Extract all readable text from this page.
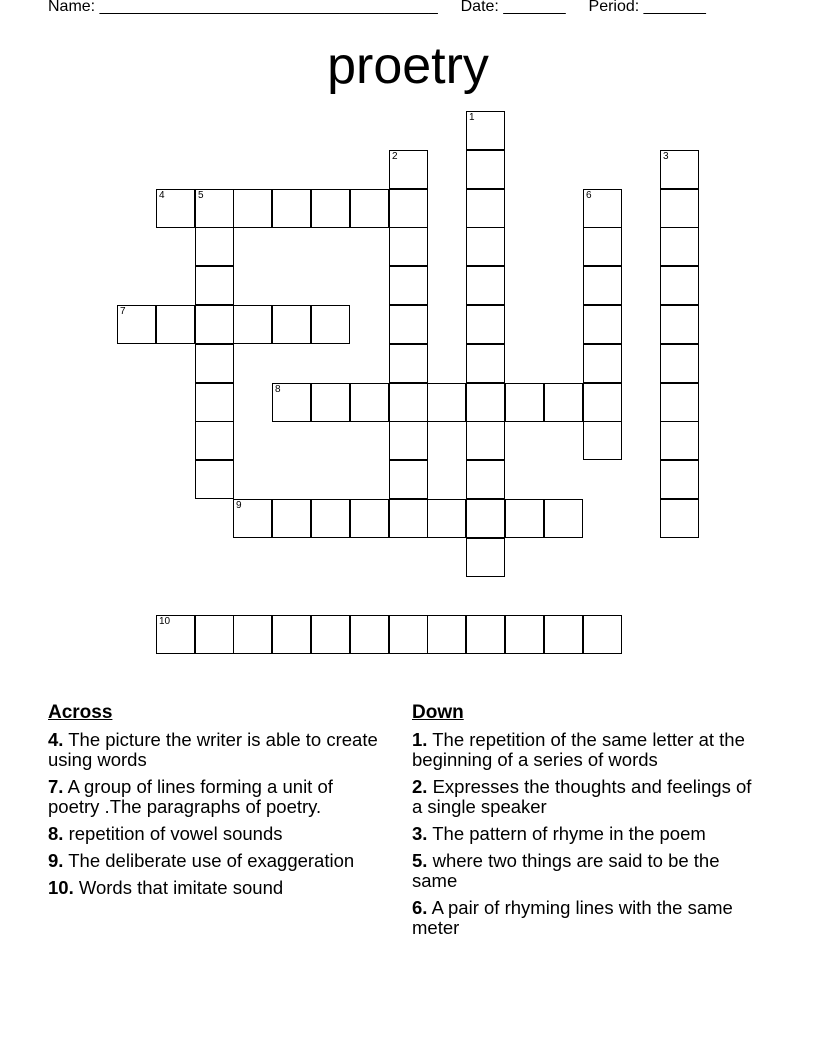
Name: ______________________________________ Date: _______ Period: _______
proetry
1
2	3
4	5	6
7
8
9
10
Across
4. The picture the writer is able to create using words
7. A group of lines forming a unit of poetry .The paragraphs of poetry.
8. repetition of vowel sounds
9. The deliberate use of exaggeration
10. Words that imitate sound
Down
1. The repetition of the same letter at the beginning of a series of words
2. Expresses the thoughts and feelings of a single speaker
3. The pattern of rhyme in the poem
5. where two things are said to be the same
6. A pair of rhyming lines with the same meter
